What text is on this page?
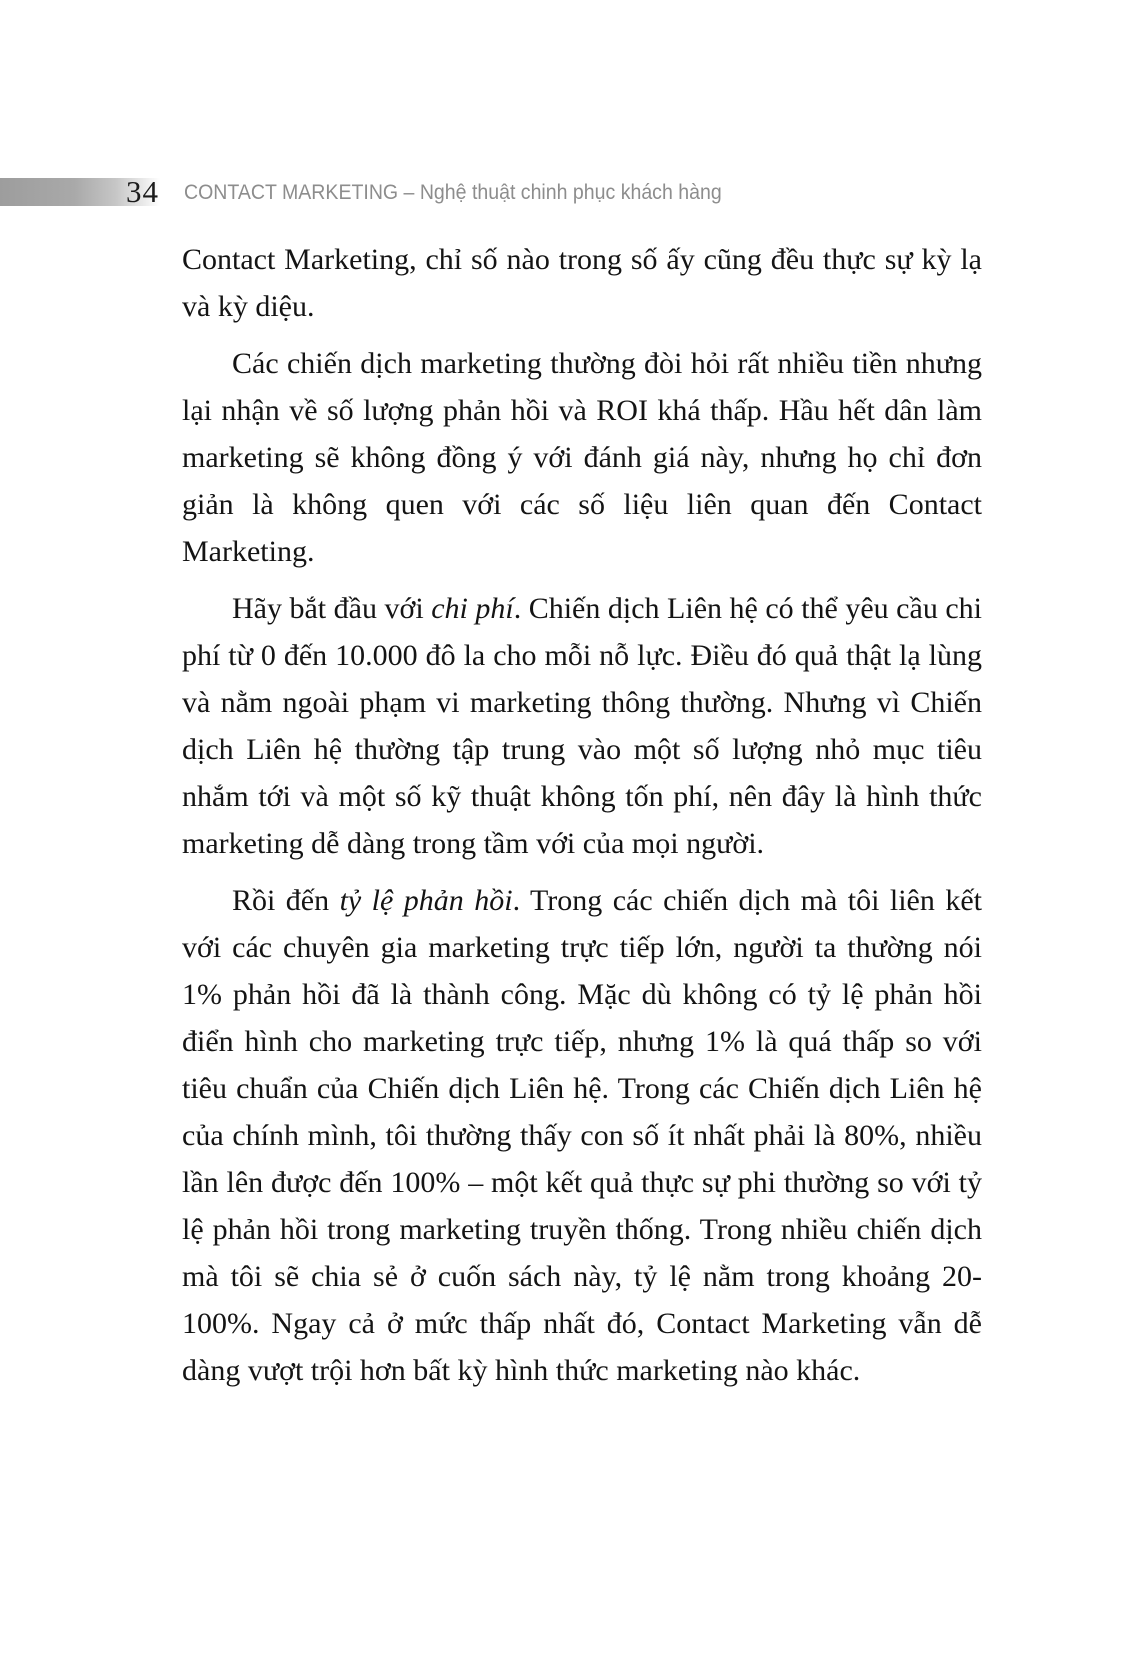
34 CONTACT MARKETING – Nghệ thuật chinh phục khách hàng

Contact Marketing, chỉ số nào trong số ấy cũng đều thực sự kỳ lạ và kỳ diệu.

Các chiến dịch marketing thường đòi hỏi rất nhiều tiền nhưng lại nhận về số lượng phản hồi và ROI khá thấp. Hầu hết dân làm marketing sẽ không đồng ý với đánh giá này, nhưng họ chỉ đơn giản là không quen với các số liệu liên quan đến Contact Marketing.

Hãy bắt đầu với chi phí. Chiến dịch Liên hệ có thể yêu cầu chi phí từ 0 đến 10.000 đô la cho mỗi nỗ lực. Điều đó quả thật lạ lùng và nằm ngoài phạm vi marketing thông thường. Nhưng vì Chiến dịch Liên hệ thường tập trung vào một số lượng nhỏ mục tiêu nhắm tới và một số kỹ thuật không tốn phí, nên đây là hình thức marketing dễ dàng trong tầm với của mọi người.

Rồi đến tỷ lệ phản hồi. Trong các chiến dịch mà tôi liên kết với các chuyên gia marketing trực tiếp lớn, người ta thường nói 1% phản hồi đã là thành công. Mặc dù không có tỷ lệ phản hồi điển hình cho marketing trực tiếp, nhưng 1% là quá thấp so với tiêu chuẩn của Chiến dịch Liên hệ. Trong các Chiến dịch Liên hệ của chính mình, tôi thường thấy con số ít nhất phải là 80%, nhiều lần lên được đến 100% – một kết quả thực sự phi thường so với tỷ lệ phản hồi trong marketing truyền thống. Trong nhiều chiến dịch mà tôi sẽ chia sẻ ở cuốn sách này, tỷ lệ nằm trong khoảng 20-100%. Ngay cả ở mức thấp nhất đó, Contact Marketing vẫn dễ dàng vượt trội hơn bất kỳ hình thức marketing nào khác.
